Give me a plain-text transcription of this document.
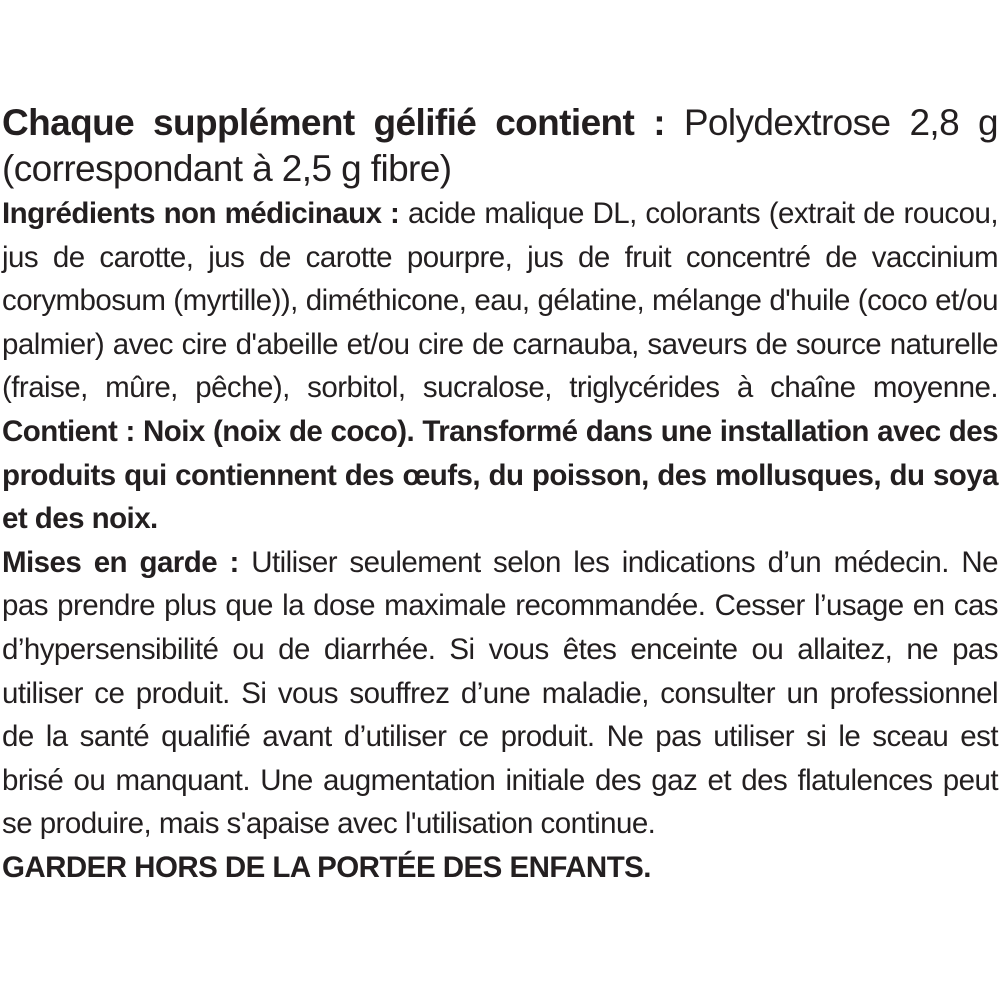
Chaque supplément gélifié contient : Polydextrose 2,8 g (correspondant à 2,5 g fibre)

Ingrédients non médicinaux : acide malique DL, colorants (extrait de roucou, jus de carotte, jus de carotte pourpre, jus de fruit concentré de vaccinium corymbosum (myrtille)), diméthicone, eau, gélatine, mélange d'huile (coco et/ou palmier) avec cire d'abeille et/ou cire de carnauba, saveurs de source naturelle (fraise, mûre, pêche), sorbitol, sucralose, triglycérides à chaîne moyenne. Contient : Noix (noix de coco). Transformé dans une installation avec des produits qui contiennent des œufs, du poisson, des mollusques, du soya et des noix.

Mises en garde : Utiliser seulement selon les indications d’un médecin. Ne pas prendre plus que la dose maximale recommandée. Cesser l’usage en cas d’hypersensibilité ou de diarrhée. Si vous êtes enceinte ou allaitez, ne pas utiliser ce produit. Si vous souffrez d’une maladie, consulter un professionnel de la santé qualifié avant d’utiliser ce produit. Ne pas utiliser si le sceau est brisé ou manquant. Une augmentation initiale des gaz et des flatulences peut se produire, mais s'apaise avec l'utilisation continue.

GARDER HORS DE LA PORTÉE DES ENFANTS.
